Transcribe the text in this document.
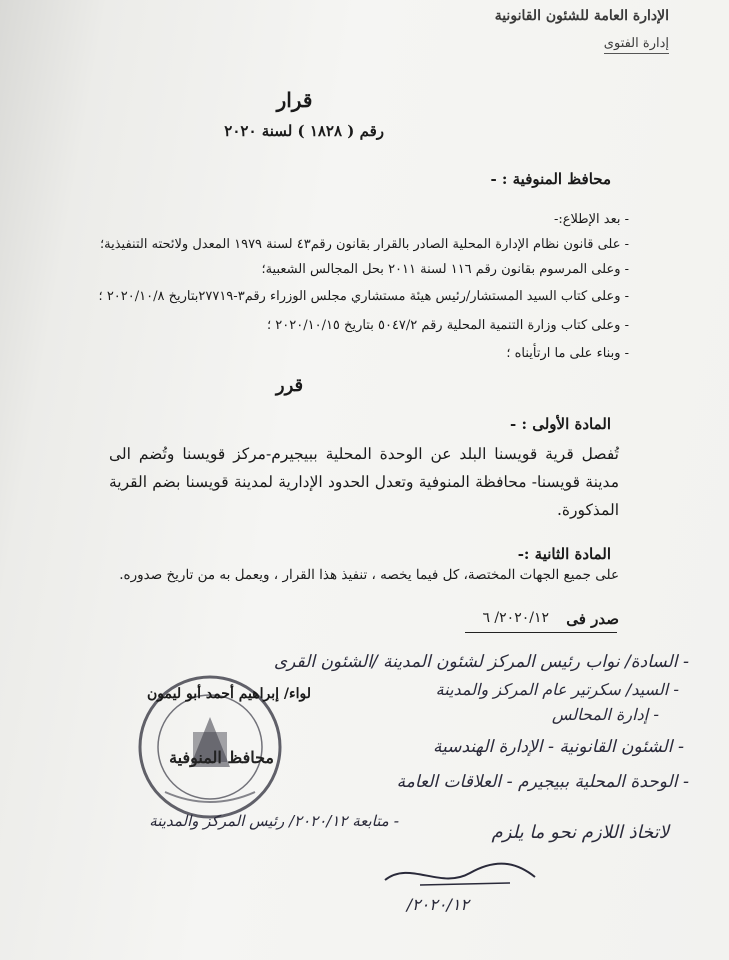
الإدارة العامة للشئون القانونية
إدارة الفتوى
قرار
رقم ( ١٨٢٨ ) لسنة ٢٠٢٠
محافظ المنوفية : -
- بعد الإطلاع:-
- على قانون نظام الإدارة المحلية الصادر بالقرار بقانون رقم٤٣ لسنة ١٩٧٩ المعدل ولائحته التنفيذية؛
- وعلى المرسوم بقانون رقم ١١٦ لسنة ٢٠١١ بحل المجالس الشعبية؛
- وعلى كتاب السيد المستشار/رئيس هيئة مستشاري مجلس الوزراء رقم٣-٢٧٧١٩بتاريخ ٢٠٢٠/١٠/٨ ؛
- وعلى كتاب وزارة التنمية المحلية رقم ٥٠٤٧/٢ بتاريخ ٢٠٢٠/١٠/١٥ ؛
- وبناء على ما ارتأيناه ؛
قرر
المادة الأولى : -
تُفصل قرية قويسنا البلد عن الوحدة المحلية ببيجيرم-مركز قويسنا وتُضم الى مدينة قويسنا- محافظة المنوفية وتعدل الحدود الإدارية لمدينة قويسنا بضم القرية المذكورة.
المادة الثانية :-
على جميع الجهات المختصة، كل فيما يخصه ، تنفيذ هذا القرار ، ويعمل به من تاريخ صدوره.
صدر فى
٢٠٢٠/١٢/ ٦
لواء/ إبراهيم أحمد أبو ليمون
محافظ المنوفية
- السادة/ نواب رئيس المركز لشئون المدينة /الشئون القرى
- السيد/ سكرتير عام المركز والمدينة
- إدارة المحالس
- الشئون القانونية - الإدارة الهندسية
- الوحدة المحلية ببيجيرم - العلاقات العامة
- متابعة ٢٠٢٠/١٢/ رئيس المركز والمدينة
لاتخاذ اللازم نحو ما يلزم
٢٠٢٠/١٢/
